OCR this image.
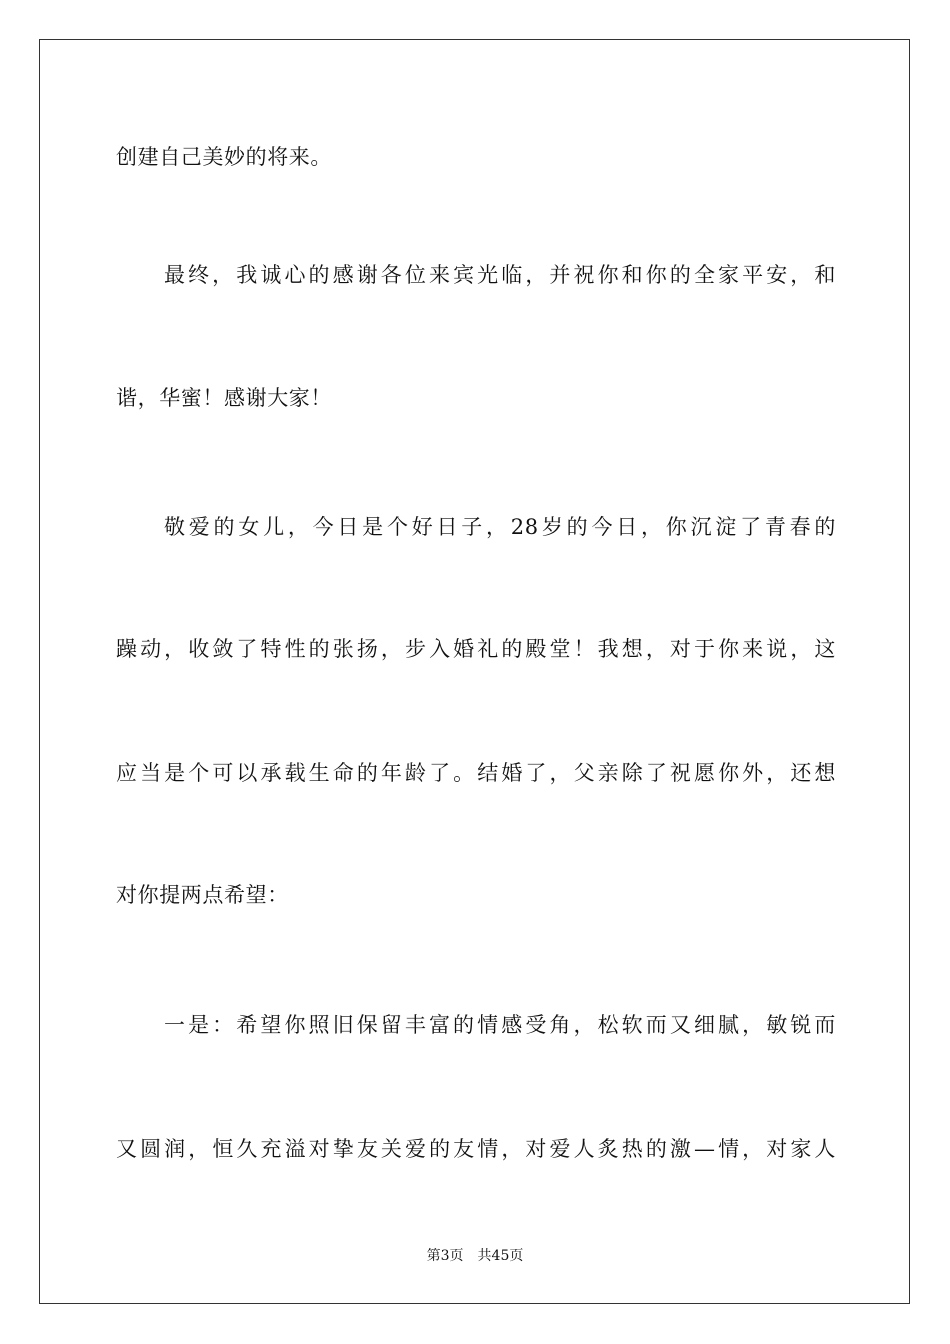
创建自己美妙的将来。
最终，我诚心的感谢各位来宾光临，并祝你和你的全家平安，和
谐，华蜜！感谢大家！
敬爱的女儿，今日是个好日子，28岁的今日，你沉淀了青春的
躁动，收敛了特性的张扬，步入婚礼的殿堂！我想，对于你来说，这
应当是个可以承载生命的年龄了。结婚了，父亲除了祝愿你外，还想
对你提两点希望：
一是：希望你照旧保留丰富的情感受角，松软而又细腻，敏锐而
又圆润，恒久充溢对挚友关爱的友情，对爱人炙热的激—情，对家人
第3页 共45页
